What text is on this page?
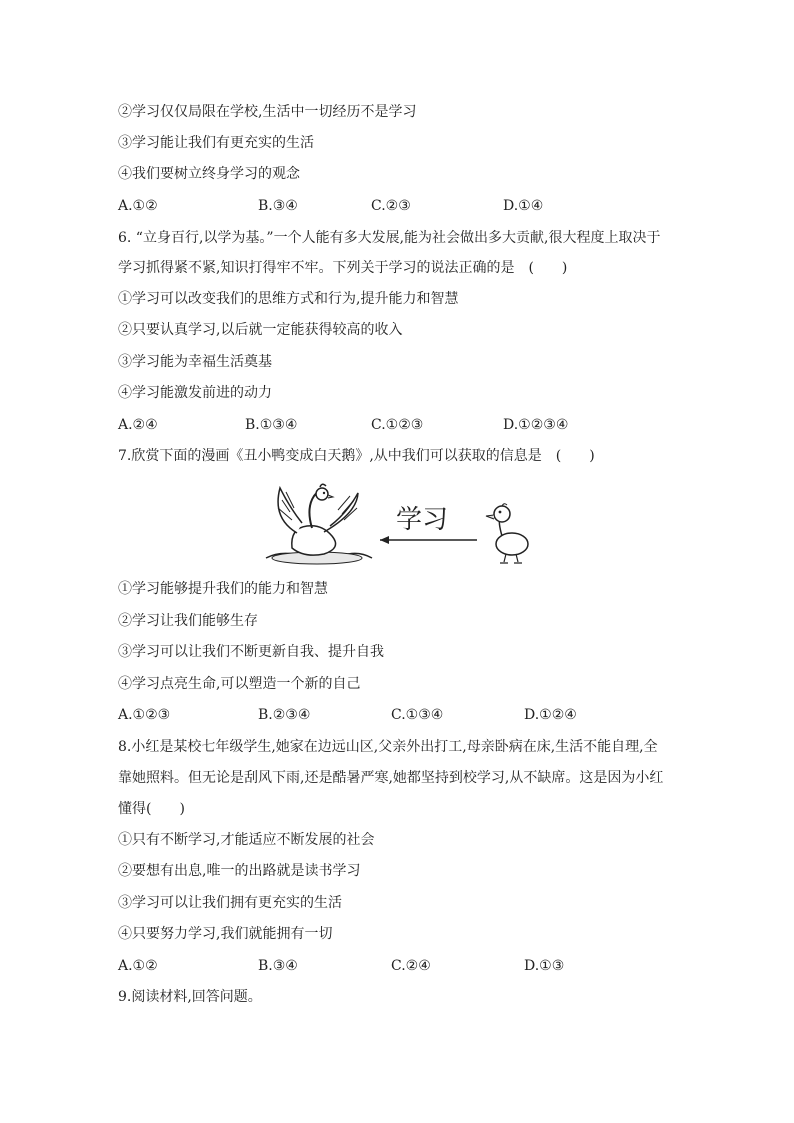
②学习仅仅局限在学校,生活中一切经历不是学习
③学习能让我们有更充实的生活
④我们要树立终身学习的观念
A.①②	B.③④	C.②③	D.①④
6. “立身百行,以学为基。”一个人能有多大发展,能为社会做出多大贡献,很大程度上取决于
学习抓得紧不紧,知识打得牢不牢。下列关于学习的说法正确的是　(　　)
①学习可以改变我们的思维方式和行为,提升能力和智慧
②只要认真学习,以后就一定能获得较高的收入
③学习能为幸福生活奠基
④学习能激发前进的动力
A.②④	B.①③④	C.①②③	D.①②③④
7.欣赏下面的漫画《丑小鸭变成白天鹅》,从中我们可以获取的信息是　(　　)
学习
①学习能够提升我们的能力和智慧
②学习让我们能够生存
③学习可以让我们不断更新自我、提升自我
④学习点亮生命,可以塑造一个新的自己
A.①②③	B.②③④	C.①③④	D.①②④
8.小红是某校七年级学生,她家在边远山区,父亲外出打工,母亲卧病在床,生活不能自理,全
靠她照料。但无论是刮风下雨,还是酷暑严寒,她都坚持到校学习,从不缺席。这是因为小红
懂得(　　)
①只有不断学习,才能适应不断发展的社会
②要想有出息,唯一的出路就是读书学习
③学习可以让我们拥有更充实的生活
④只要努力学习,我们就能拥有一切
A.①②	B.③④	C.②④	D.①③
9.阅读材料,回答问题。
